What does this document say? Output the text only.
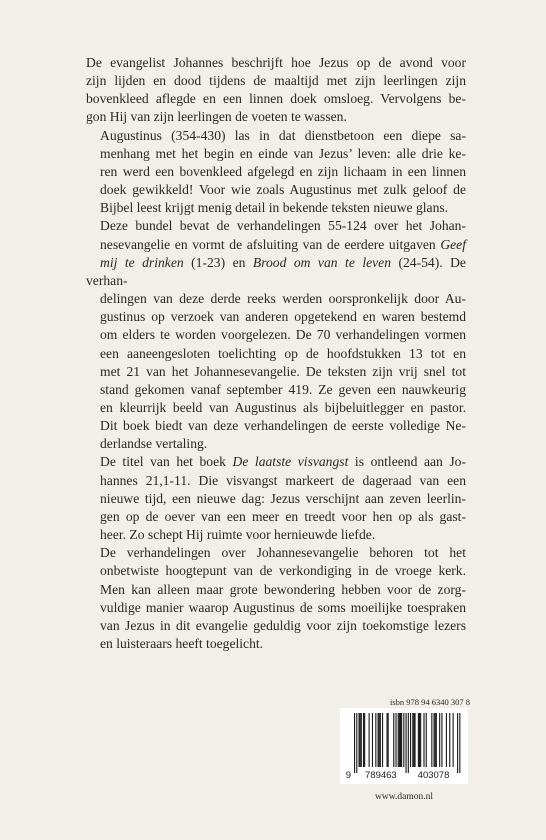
De evangelist Johannes beschrijft hoe Jezus op de avond voor
zijn lijden en dood tijdens de maaltijd met zijn leerlingen zijn
bovenkleed aflegde en een linnen doek omsloeg. Vervolgens be-
gon Hij van zijn leerlingen de voeten te wassen.

Augustinus (354-430) las in dat dienstbetoon een diepe sa-
menhang met het begin en einde van Jezus’ leven: alle drie ke-
ren werd een bovenkleed afgelegd en zijn lichaam in een linnen
doek gewikkeld! Voor wie zoals Augustinus met zulk geloof de
Bijbel leest krijgt menig detail in bekende teksten nieuwe glans.

Deze bundel bevat de verhandelingen 55-124 over het Johan-
nesevangelie en vormt de afsluiting van de eerdere uitgaven Geef
mij te drinken (1-23) en Brood om van te leven (24-54). De verhan-
delingen van deze derde reeks werden oorspronkelijk door Au-
gustinus op verzoek van anderen opgetekend en waren bestemd
om elders te worden voorgelezen. De 70 verhandelingen vormen
een aaneengesloten toelichting op de hoofdstukken 13 tot en
met 21 van het Johannesevangelie. De teksten zijn vrij snel tot
stand gekomen vanaf september 419. Ze geven een nauwkeurig
en kleurrijk beeld van Augustinus als bijbeluitlegger en pastor.
Dit boek biedt van deze verhandelingen de eerste volledige Ne-
derlandse vertaling.

De titel van het boek De laatste visvangst is ontleend aan Jo-
hannes 21,1-11. Die visvangst markeert de dageraad van een
nieuwe tijd, een nieuwe dag: Jezus verschijnt aan zeven leerlin-
gen op de oever van een meer en treedt voor hen op als gast-
heer. Zo schept Hij ruimte voor hernieuwde liefde.

De verhandelingen over Johannesevangelie behoren tot het
onbetwiste hoogtepunt van de verkondiging in de vroege kerk.
Men kan alleen maar grote bewondering hebben voor de zorg-
vuldige manier waarop Augustinus de soms moeilijke toespraken
van Jezus in dit evangelie geduldig voor zijn toekomstige lezers
en luisteraars heeft toegelicht.

isbn 978 94 6340 307 8
9 789463 403078
www.damon.nl
